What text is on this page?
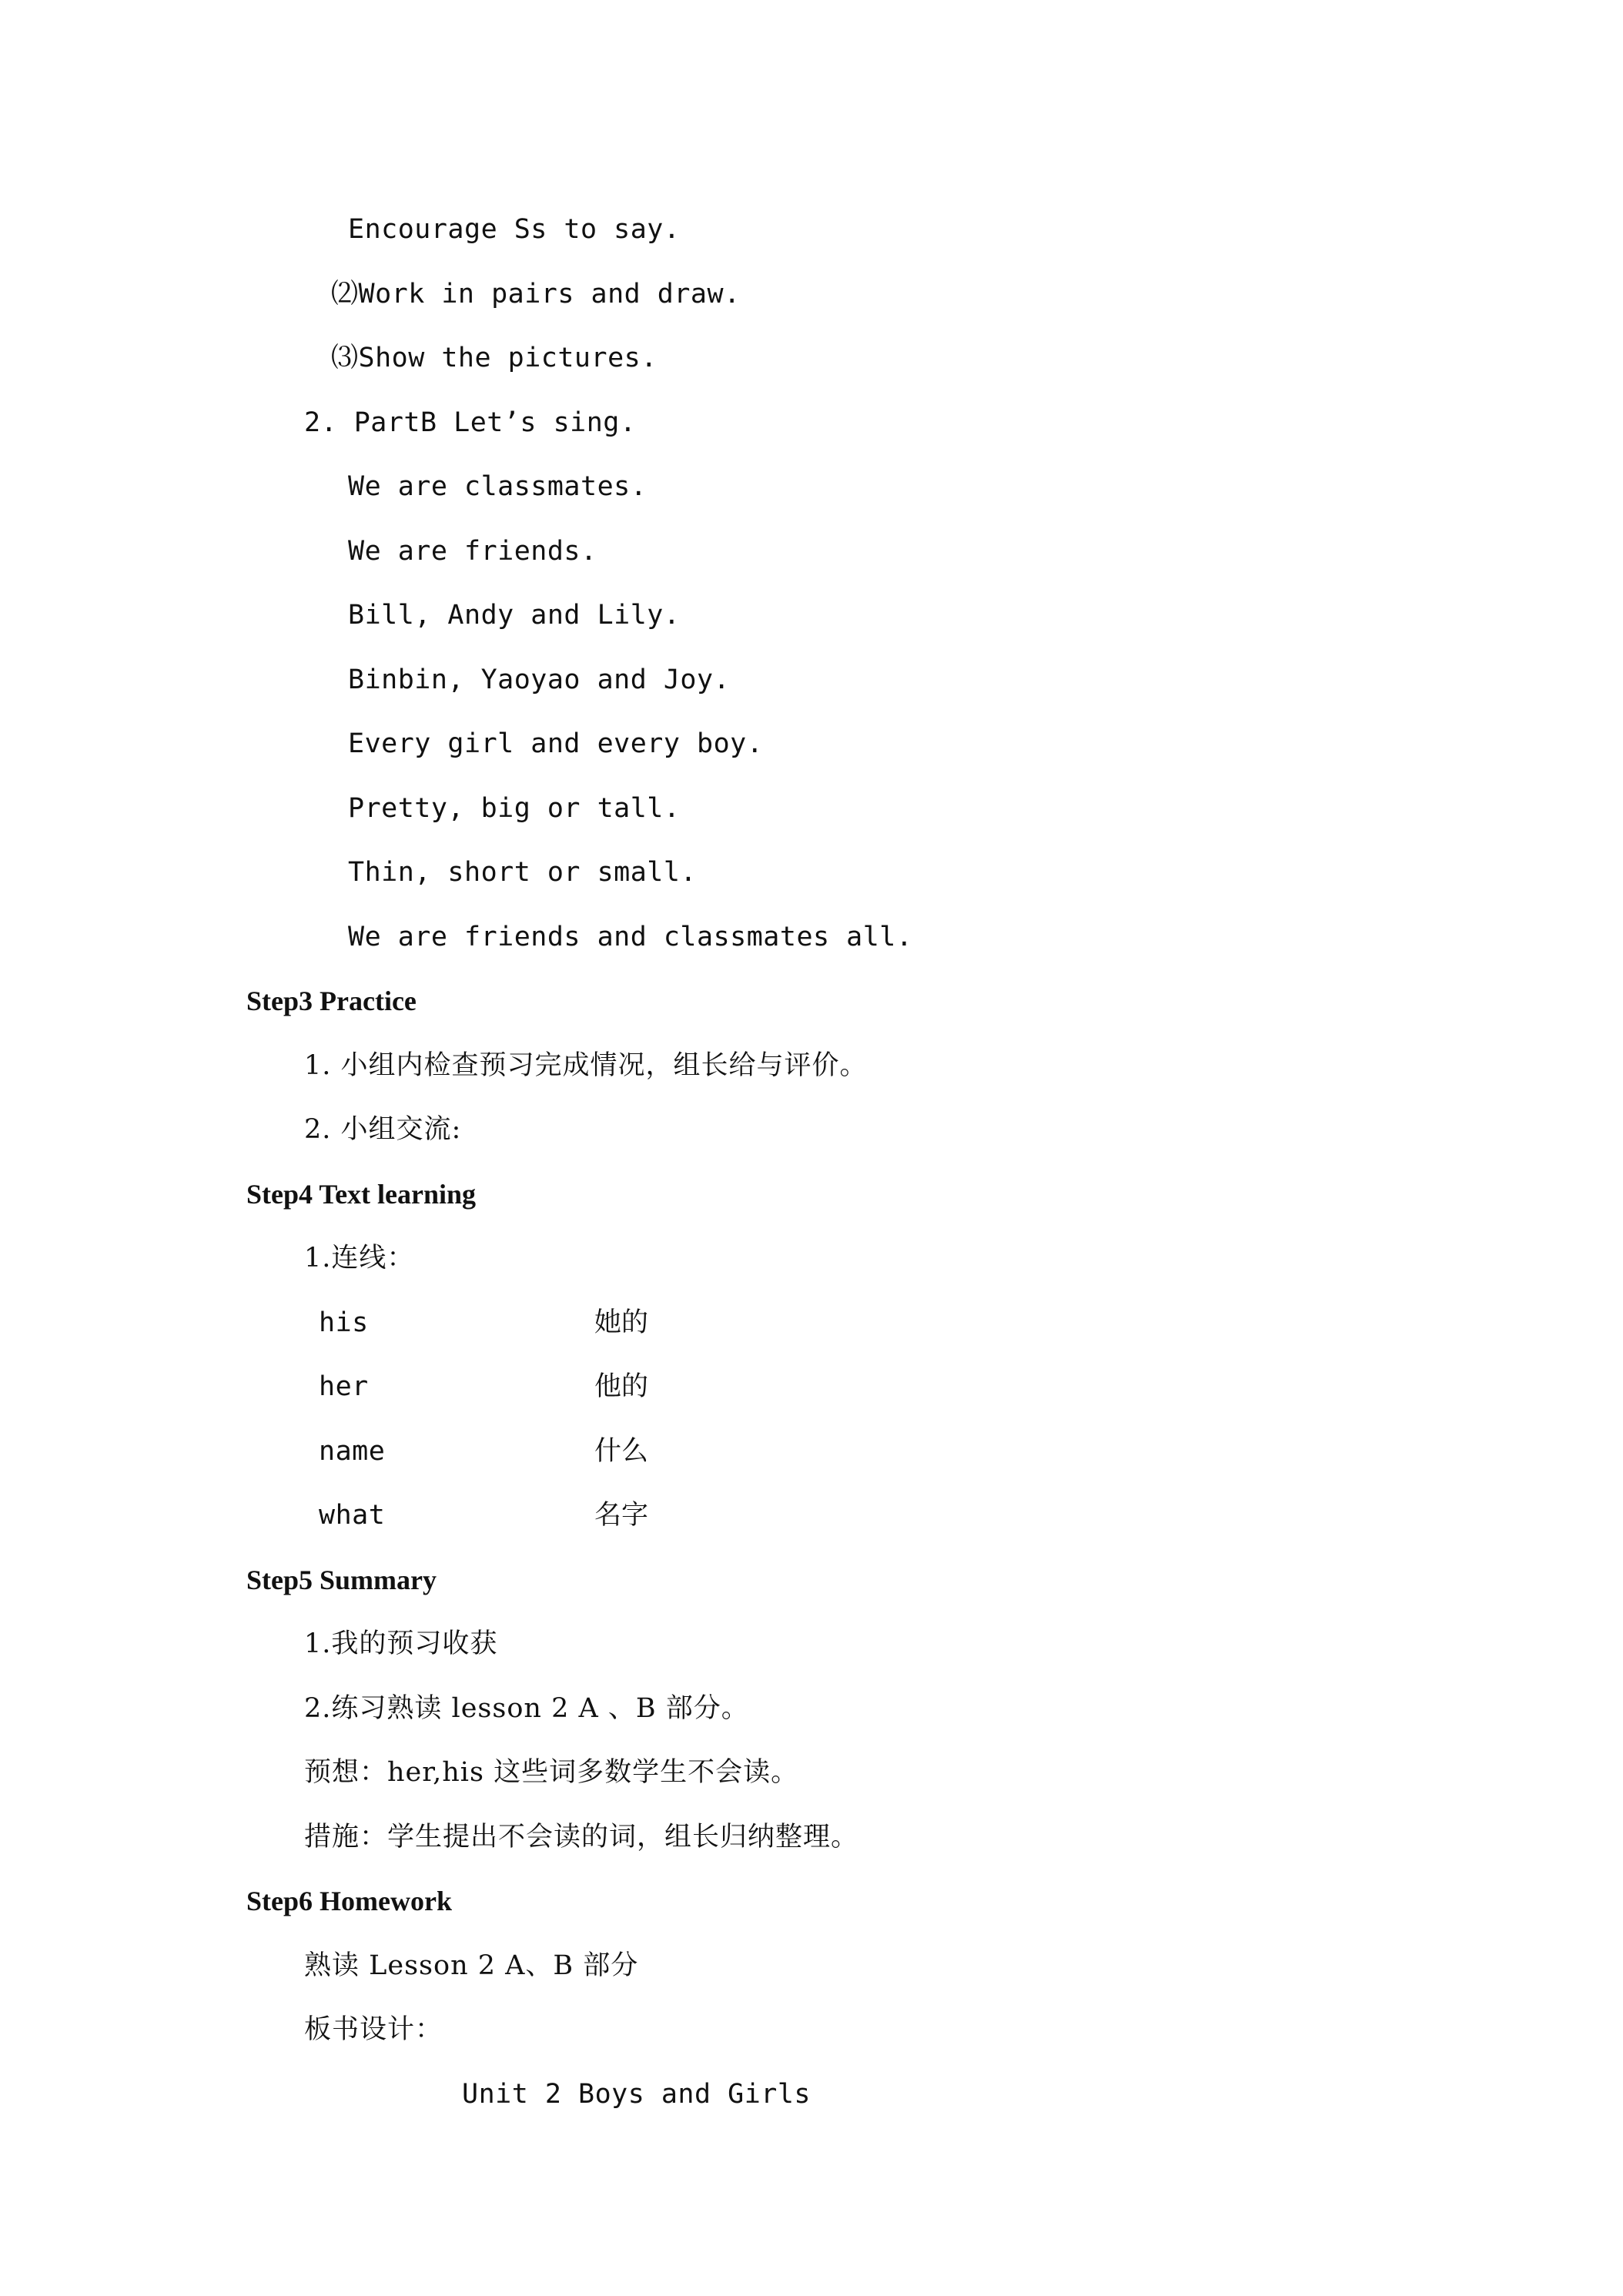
Encourage Ss to say.
⑵Work in pairs and draw.
⑶Show the pictures.
2. PartB Let’s sing.
We are classmates.
We are friends.
Bill, Andy and Lily.
Binbin, Yaoyao and Joy.
Every girl and every boy.
Pretty, big or tall.
Thin, short or small.
We are friends and classmates all.
Step3 Practice
1. 小组内检查预习完成情况，组长给与评价。
2. 小组交流:
Step4 Text learning
1.连线：
his	她的
her	他的
name	什么
what	名字
Step5 Summary
1.我的预习收获
2.练习熟读 lesson 2 A 、B 部分。
预想：her,his 这些词多数学生不会读。
措施：学生提出不会读的词，组长归纳整理。
Step6 Homework
熟读 Lesson 2 A、B 部分
板书设计：
Unit 2 Boys and Girls
